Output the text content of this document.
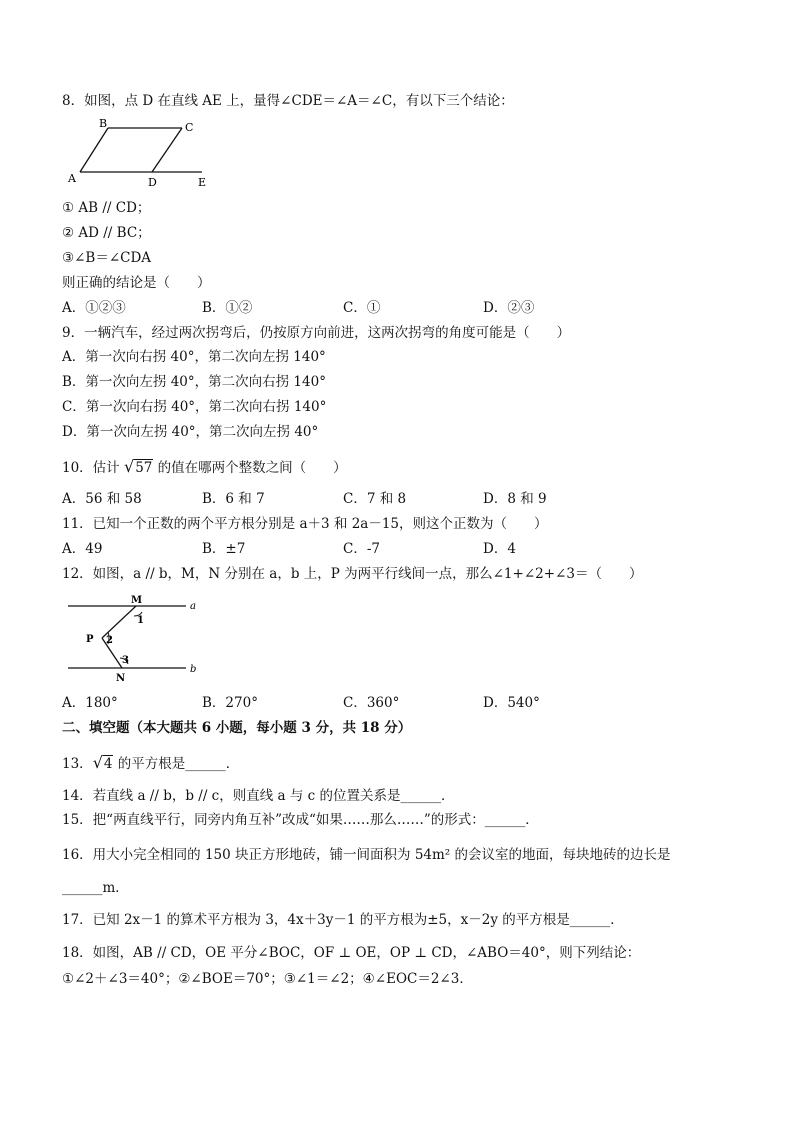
8．如图，点 D 在直线 AE 上，量得∠CDE＝∠A＝∠C，有以下三个结论：
B	C
A	D	E
① AB // CD；
② AD // BC；
③∠B＝∠CDA
则正确的结论是（　　）
A．①②③	B．①②	C．①	D．②③
9．一辆汽车，经过两次拐弯后，仍按原方向前进，这两次拐弯的角度可能是（　　）
A．第一次向右拐 40°，第二次向左拐 140°
B．第一次向左拐 40°，第二次向右拐 140°
C．第一次向右拐 40°，第二次向右拐 140°
D．第一次向左拐 40°，第二次向左拐 40°
10．估计 √57 的值在哪两个整数之间（　　）
A．56 和 58	B．6 和 7	C．7 和 8	D．8 和 9
11．已知一个正数的两个平方根分别是 a＋3 和 2a－15，则这个正数为（　　）
A．49	B．±7	C．-7	D．4
12．如图，a // b，M，N 分别在 a，b 上，P 为两平行线间一点，那么∠1+∠2+∠3＝（　　）
M
a
1
P 2
3
b
N
A．180°	B．270°	C．360°	D．540°
二、填空题（本大题共 6 小题，每小题 3 分，共 18 分）
13．√4 的平方根是______．
14．若直线 a // b，b // c，则直线 a 与 c 的位置关系是______．
15．把“两直线平行，同旁内角互补”改成“如果……那么……”的形式：______．
16．用大小完全相同的 150 块正方形地砖，铺一间面积为 54m² 的会议室的地面，每块地砖的边长是
______m．
17．已知 2x－1 的算术平方根为 3，4x＋3y－1 的平方根为±5，x－2y 的平方根是______．
18．如图，AB // CD，OE 平分∠BOC，OF ⊥ OE，OP ⊥ CD，∠ABO＝40°，则下列结论：
①∠2＋∠3＝40°；②∠BOE＝70°；③∠1＝∠2；④∠EOC＝2∠3．
